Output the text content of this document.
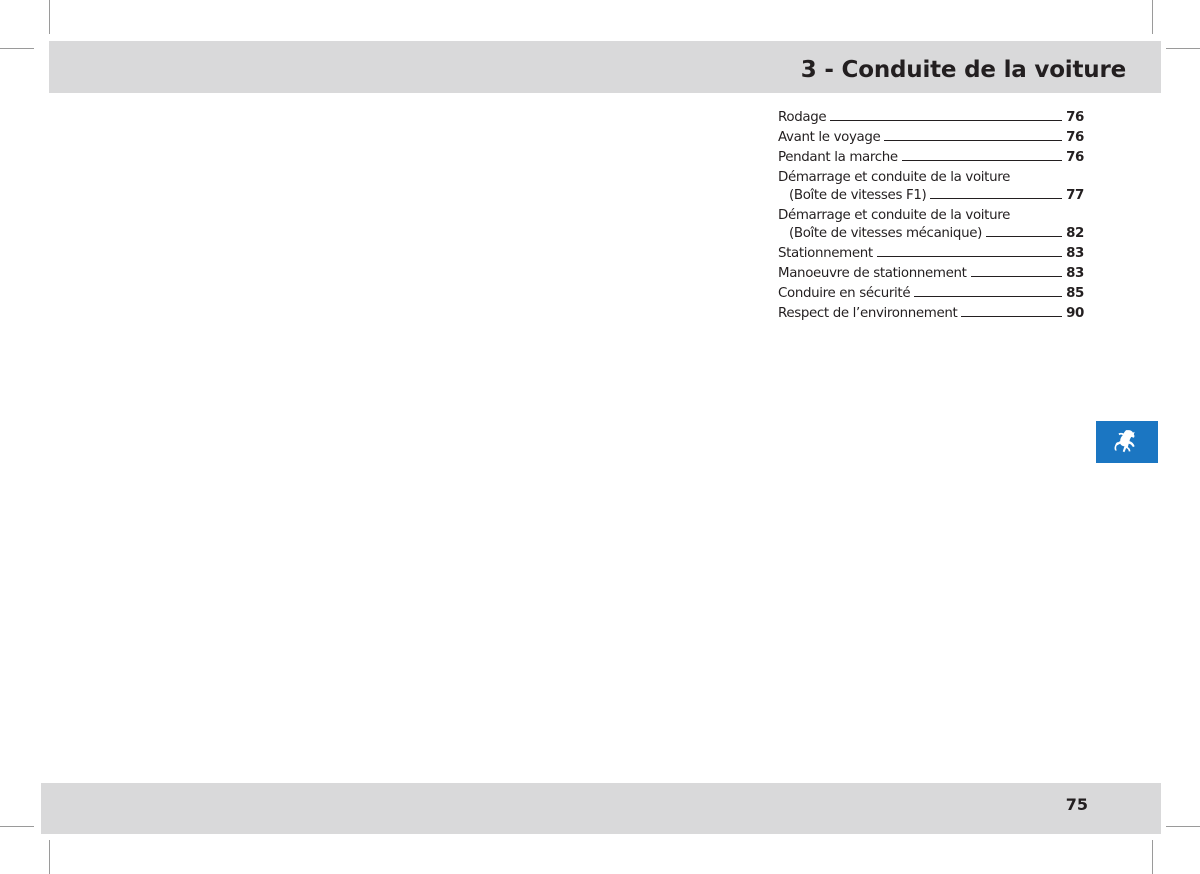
3 - Conduite de la voiture
Rodage	76
Avant le voyage	76
Pendant la marche	76
Démarrage et conduite de la voiture
(Boîte de vitesses F1)	77
Démarrage et conduite de la voiture
(Boîte de vitesses mécanique)	82
Stationnement	83
Manoeuvre de stationnement	83
Conduire en sécurité	85
Respect de l’environnement	90
75
